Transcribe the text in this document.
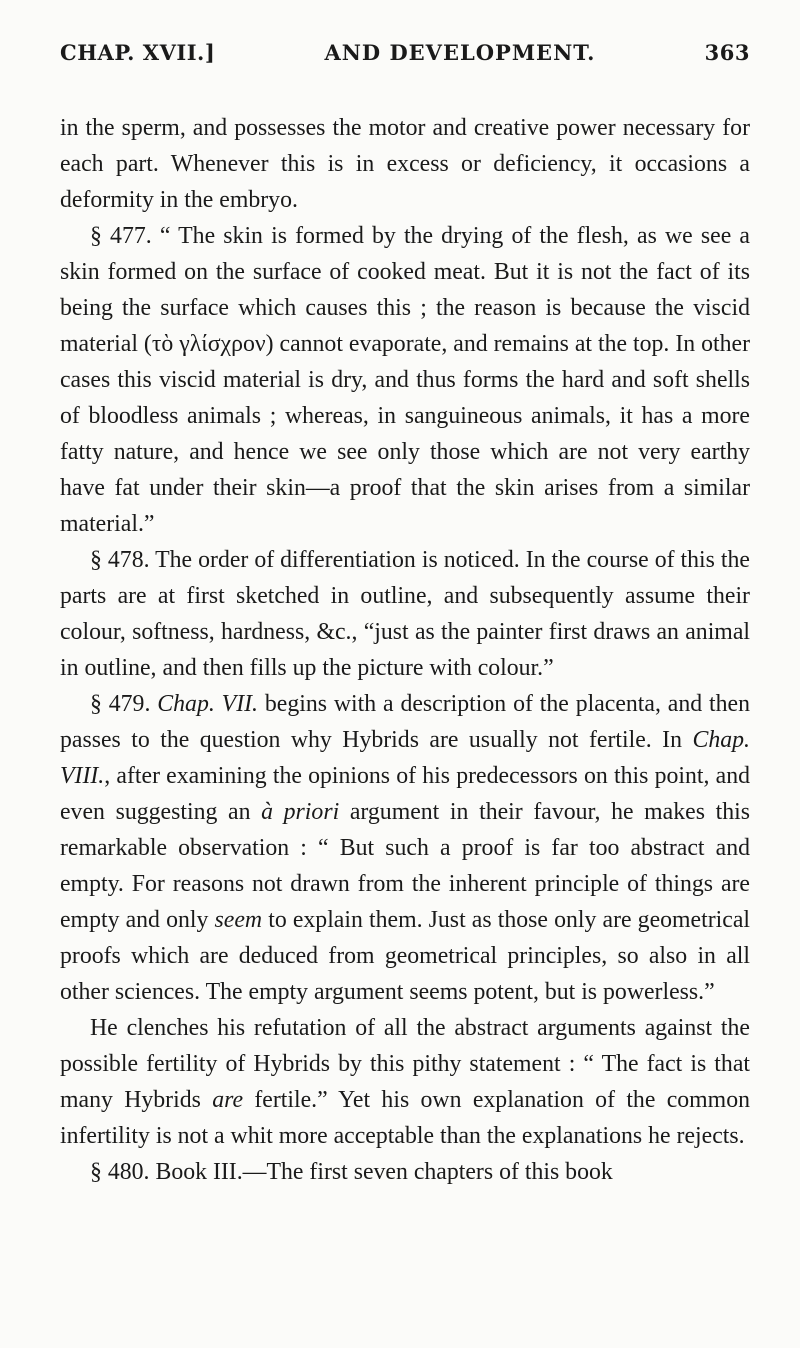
CHAP. XVII.]	AND DEVELOPMENT.	363

in the sperm, and possesses the motor and creative power necessary for each part. Whenever this is in excess or deficiency, it occasions a deformity in the embryo.

§ 477. “ The skin is formed by the drying of the flesh, as we see a skin formed on the surface of cooked meat. But it is not the fact of its being the surface which causes this ; the reason is because the viscid material (τὸ γλίσχρον) cannot evaporate, and remains at the top. In other cases this viscid material is dry, and thus forms the hard and soft shells of bloodless animals ; whereas, in sanguineous animals, it has a more fatty nature, and hence we see only those which are not very earthy have fat under their skin—a proof that the skin arises from a similar material.”

§ 478. The order of differentiation is noticed. In the course of this the parts are at first sketched in outline, and subsequently assume their colour, softness, hardness, &c., “just as the painter first draws an animal in outline, and then fills up the picture with colour.”

§ 479. Chap. VII. begins with a description of the placenta, and then passes to the question why Hybrids are usually not fertile. In Chap. VIII., after examining the opinions of his predecessors on this point, and even suggesting an à priori argument in their favour, he makes this remarkable observation : “ But such a proof is far too abstract and empty. For reasons not drawn from the inherent principle of things are empty and only seem to explain them. Just as those only are geometrical proofs which are deduced from geometrical principles, so also in all other sciences. The empty argument seems potent, but is powerless.”

He clenches his refutation of all the abstract arguments against the possible fertility of Hybrids by this pithy statement : “ The fact is that many Hybrids are fertile.” Yet his own explanation of the common infertility is not a whit more acceptable than the explanations he rejects.

§ 480. Book III.—The first seven chapters of this book
